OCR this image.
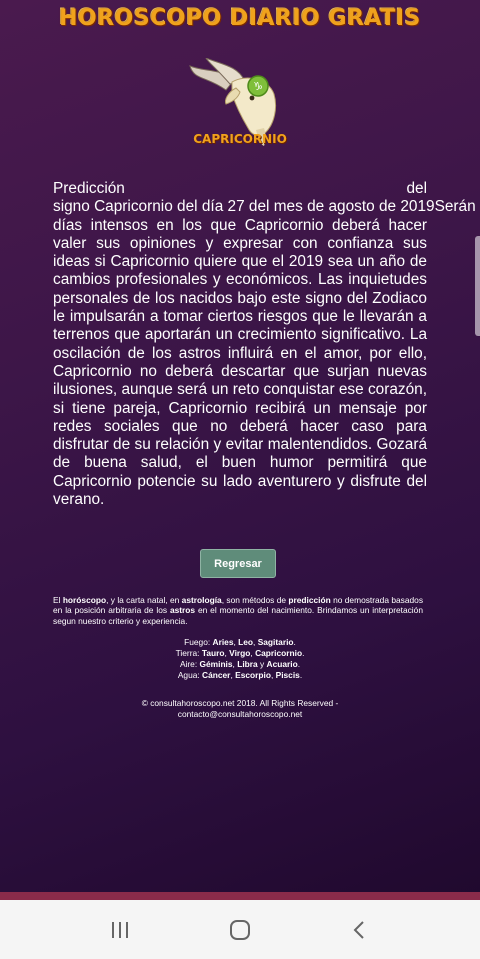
HOROSCOPO DIARIO GRATIS
♑
CAPRICORNIO
Predicción	del
signo Capricornio del día 27 del mes de agosto de 2019Serán
días intensos en los que Capricornio deberá hacer valer sus opiniones y expresar con confianza sus ideas si Capricornio quiere que el 2019 sea un año de cambios profesionales y económicos. Las inquietudes personales de los nacidos bajo este signo del Zodiaco le impulsarán a tomar ciertos riesgos que le llevarán a terrenos que aportarán un crecimiento significativo. La oscilación de los astros influirá en el amor, por ello, Capricornio no deberá descartar que surjan nuevas ilusiones, aunque será un reto conquistar ese corazón, si tiene pareja, Capricornio recibirá un mensaje por redes sociales que no deberá hacer caso para disfrutar de su relación y evitar malentendidos. Gozará de buena salud, el buen humor permitirá que Capricornio potencie su lado aventurero y disfrute del verano.
Regresar
El horóscopo, y la carta natal, en astrología, son métodos de predicción no demostrada basados en la posición arbitraria de los astros en el momento del nacimiento. Brindamos un interpretación segun nuestro criterio y experiencia.
Fuego: Aries, Leo, Sagitario.
Tierra: Tauro, Virgo, Capricornio.
Aire: Géminis, Libra y Acuario.
Agua: Cáncer, Escorpio, Piscis.
© consultahoroscopo.net 2018. All Rights Reserved -
contacto@consultahoroscopo.net
